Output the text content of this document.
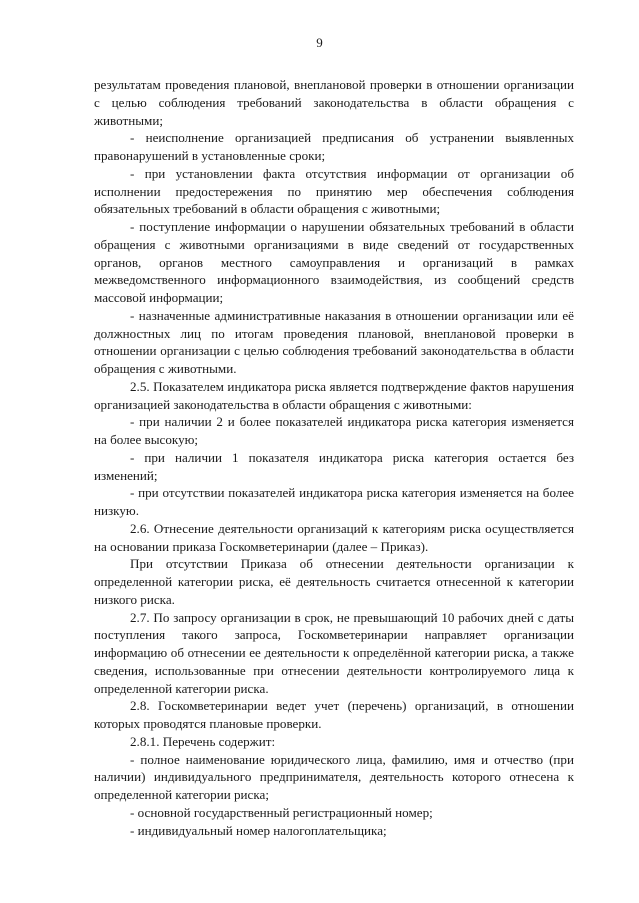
9

результатам проведения плановой, внеплановой проверки в отношении организации с целью соблюдения требований законодательства в области обращения с животными;

- неисполнение организацией предписания об устранении выявленных правонарушений в установленные сроки;

- при установлении факта отсутствия информации от организации об исполнении предостережения по принятию мер обеспечения соблюдения обязательных требований в области обращения с животными;

- поступление информации о нарушении обязательных требований в области обращения с животными организациями в виде сведений от государственных органов, органов местного самоуправления и организаций в рамках межведомственного информационного взаимодействия, из сообщений средств массовой информации;

- назначенные административные наказания в отношении организации или её должностных лиц по итогам проведения плановой, внеплановой проверки в отношении организации с целью соблюдения требований законодательства в области обращения с животными.

2.5. Показателем индикатора риска является подтверждение фактов нарушения организацией законодательства в области обращения с животными:

- при наличии 2 и более показателей индикатора риска категория изменяется на более высокую;

- при наличии 1 показателя индикатора риска категория остается без изменений;

- при отсутствии показателей индикатора риска категория изменяется на более низкую.

2.6. Отнесение деятельности организаций к категориям риска осуществляется на основании приказа Госкомветеринарии (далее – Приказ).

При отсутствии Приказа об отнесении деятельности организации к определенной категории риска, её деятельность считается отнесенной к категории низкого риска.

2.7. По запросу организации в срок, не превышающий 10 рабочих дней с даты поступления такого запроса, Госкомветеринарии направляет организации информацию об отнесении ее деятельности к определённой категории риска, а также сведения, использованные при отнесении деятельности контролируемого лица к определенной категории риска.

2.8. Госкомветеринарии ведет учет (перечень) организаций, в отношении которых проводятся плановые проверки.

2.8.1. Перечень содержит:

- полное наименование юридического лица, фамилию, имя и отчество (при наличии) индивидуального предпринимателя, деятельность которого отнесена к определенной категории риска;

- основной государственный регистрационный номер;

- индивидуальный номер налогоплательщика;
